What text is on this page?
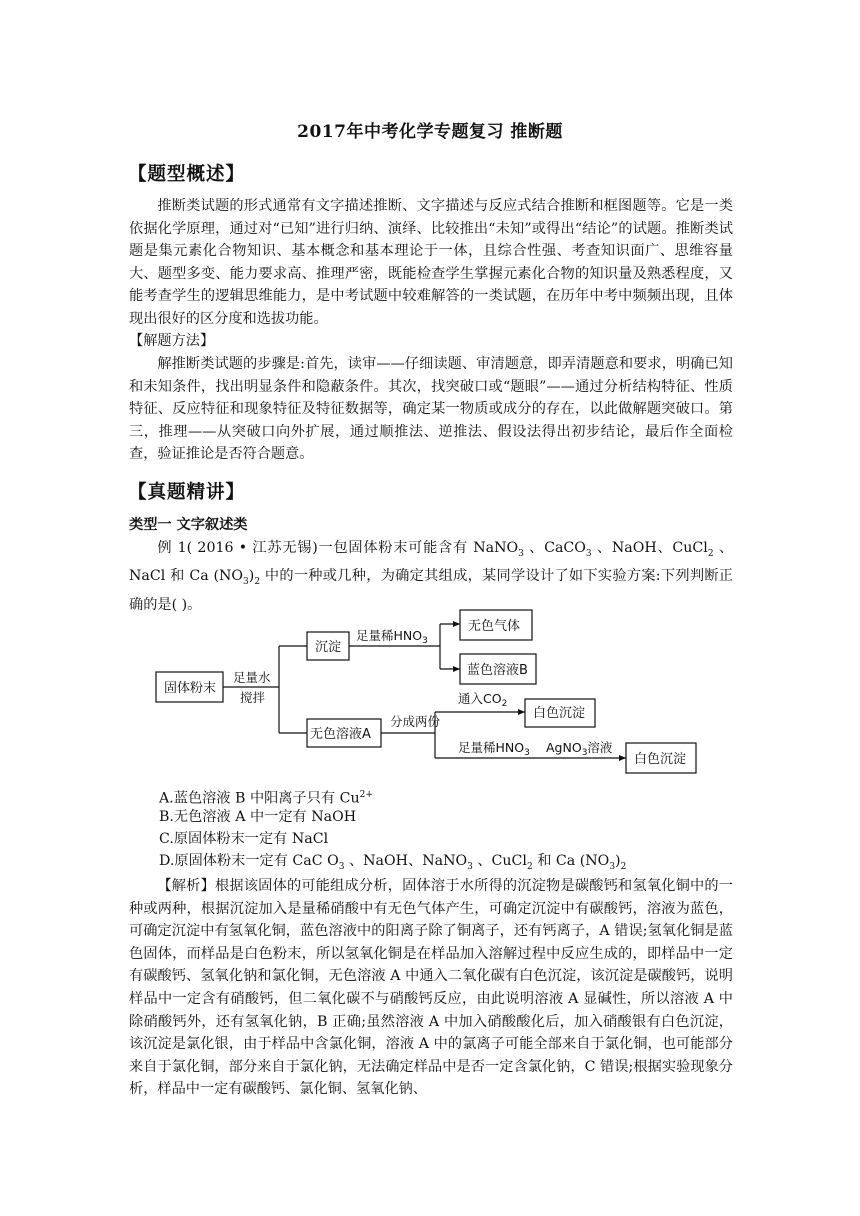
2017年中考化学专题复习 推断题
【题型概述】

推断类试题的形式通常有文字描述推断、文字描述与反应式结合推断和框图题等。它是一类依据化学原理，通过对“已知”进行归纳、演绎、比较推出“未知”或得出“结论”的试题。推断类试题是集元素化合物知识、基本概念和基本理论于一体，且综合性强、考查知识面广、思维容量大、题型多变、能力要求高、推理严密，既能检查学生掌握元素化合物的知识量及熟悉程度，又能考查学生的逻辑思维能力，是中考试题中较难解答的一类试题，在历年中考中频频出现，且体现出很好的区分度和选拔功能。

【解题方法】

解推断类试题的步骤是:首先，读审——仔细读题、审清题意，即弄清题意和要求，明确已知和未知条件，找出明显条件和隐蔽条件。其次，找突破口或“题眼”——通过分析结构特征、性质特征、反应特征和现象特征及特征数据等，确定某一物质或成分的存在，以此做解题突破口。第三，推理——从突破口向外扩展，通过顺推法、逆推法、假设法得出初步结论，最后作全面检查，验证推论是否符合题意。

【真题精讲】
类型一 文字叙述类

例 1( 2016 • 江苏无锡)一包固体粉末可能含有 NaNO$_3$ 、CaCO$_3$ 、NaOH、CuCl$_2$ 、NaCl 和 Ca $(NO_3)_2$ 中的一种或几种，为确定其组成，某同学设计了如下实验方案:下列判断正确的是( )。

固体粉末
足量水
搅拌
沉淀
足量稀$HNO_3$
无色气体
蓝色溶液B
无色溶液A
分成两份
通入$CO_2$
白色沉淀
足量稀$HNO_3$ AgNO$_3$溶液
白色沉淀
A.蓝色溶液 B 中阳离子只有 $Cu^{2+}$
B.无色溶液 A 中一定有 NaOH
C.原固体粉末一定有 NaCl
D.原固体粉末一定有 CaC $O_3$ 、NaOH、NaNO$_3$ 、CuCl$_2$ 和 Ca $(NO_3)_2$

【解析】根据该固体的可能组成分析，固体溶于水所得的沉淀物是碳酸钙和氢氧化铜中的一种或两种，根据沉淀加入是量稀硝酸中有无色气体产生，可确定沉淀中有碳酸钙，溶液为蓝色，可确定沉淀中有氢氧化铜，蓝色溶液中的阳离子除了铜离子，还有钙离子，A 错误;氢氧化铜是蓝色固体，而样品是白色粉末，所以氢氧化铜是在样品加入溶解过程中反应生成的，即样品中一定有碳酸钙、氢氧化钠和氯化铜，无色溶液 A 中通入二氧化碳有白色沉淀，该沉淀是碳酸钙，说明样品中一定含有硝酸钙，但二氧化碳不与硝酸钙反应，由此说明溶液 A 显碱性，所以溶液 A 中除硝酸钙外，还有氢氧化钠，B 正确;虽然溶液 A 中加入硝酸酸化后，加入硝酸银有白色沉淀，该沉淀是氯化银，由于样品中含氯化铜，溶液 A 中的氯离子可能全部来自于氯化铜，也可能部分来自于氯化铜，部分来自于氯化钠，无法确定样品中是否一定含氯化钠，C 错误;根据实验现象分析，样品中一定有碳酸钙、氯化铜、氢氧化钠、
